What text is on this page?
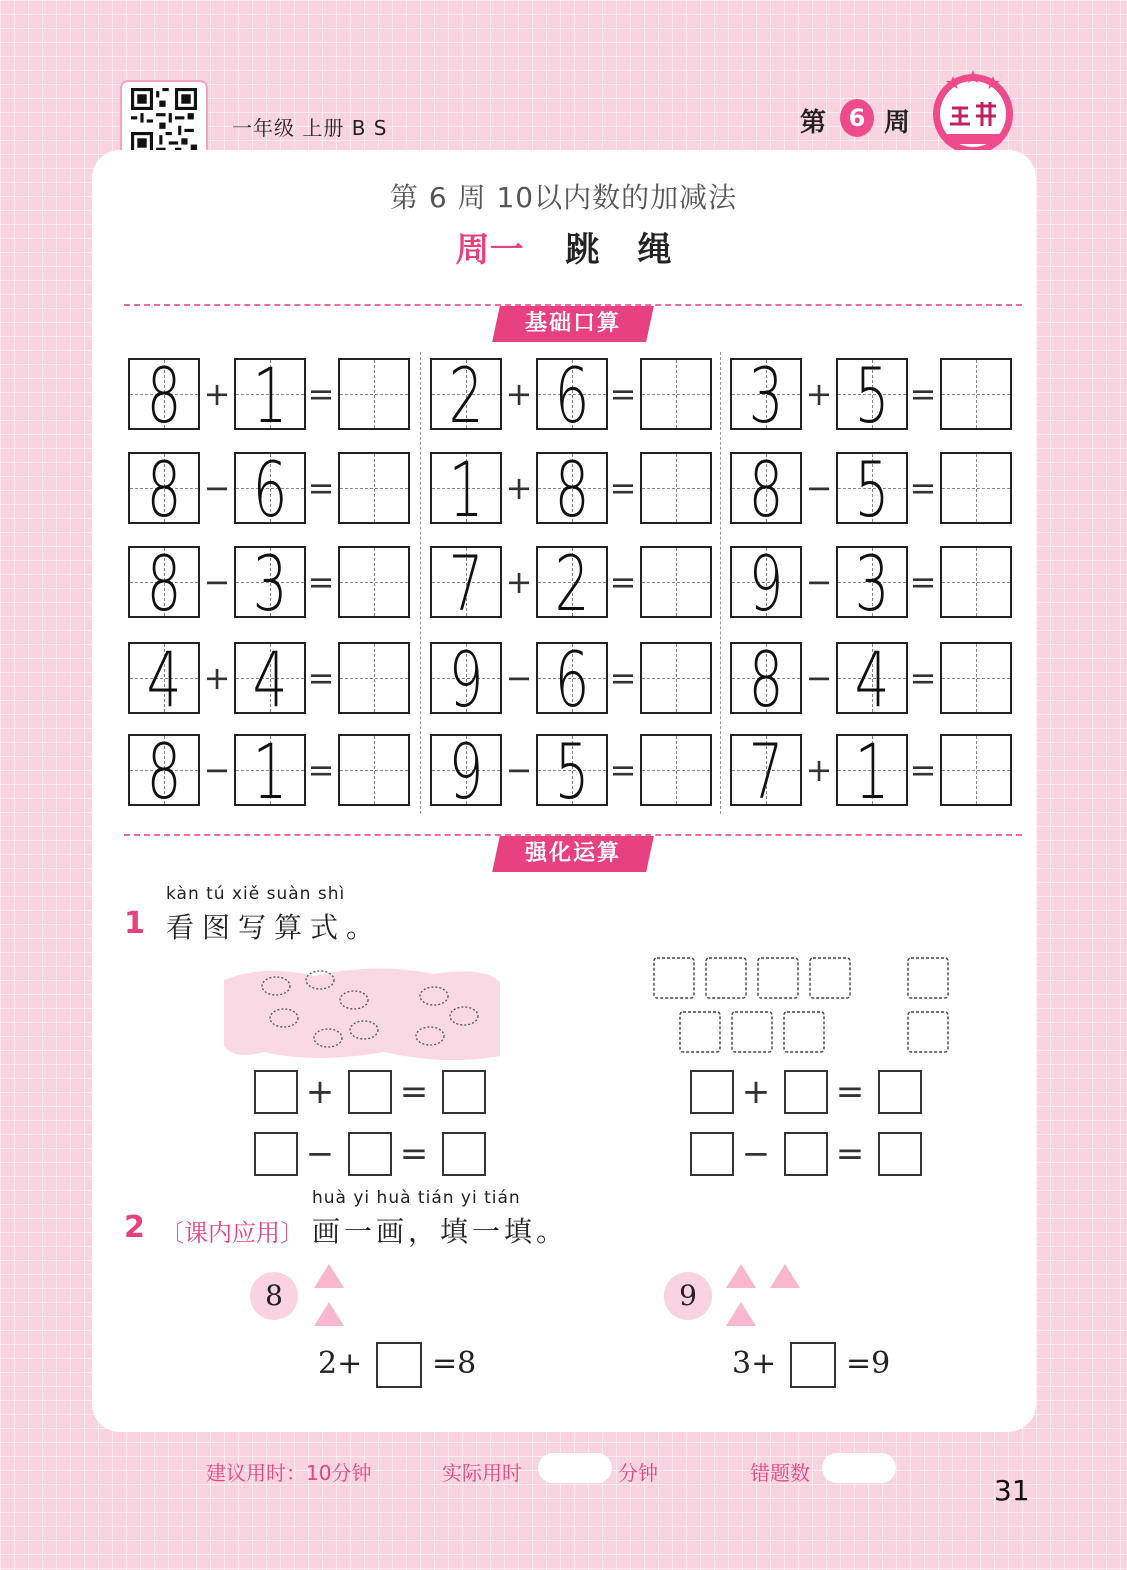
一年级 上册 B S	第 6 周
第 6 周 10以内数的加减法
周一 跳 绳
基础口算
8 + 1 = 2 + 6 = 3 + 5 =
8 − 6 = 1 + 8 = 8 − 5 =
8 − 3 = 7 + 2 = 9 − 3 =
4 + 4 = 9 − 6 = 8 − 4 =
8 − 1 = 9 − 5 = 7 + 1 =
强化运算
kàn tú xiě suàn shì
1 看图写算式。
+ =
− =
+ =
− =
huà yi huà tián yi tián
2 〔课内应用〕 画一画，填一填。
8
2+ =8
9
3+ =9
建议用时：10分钟	实际用时	分钟	错题数
31
